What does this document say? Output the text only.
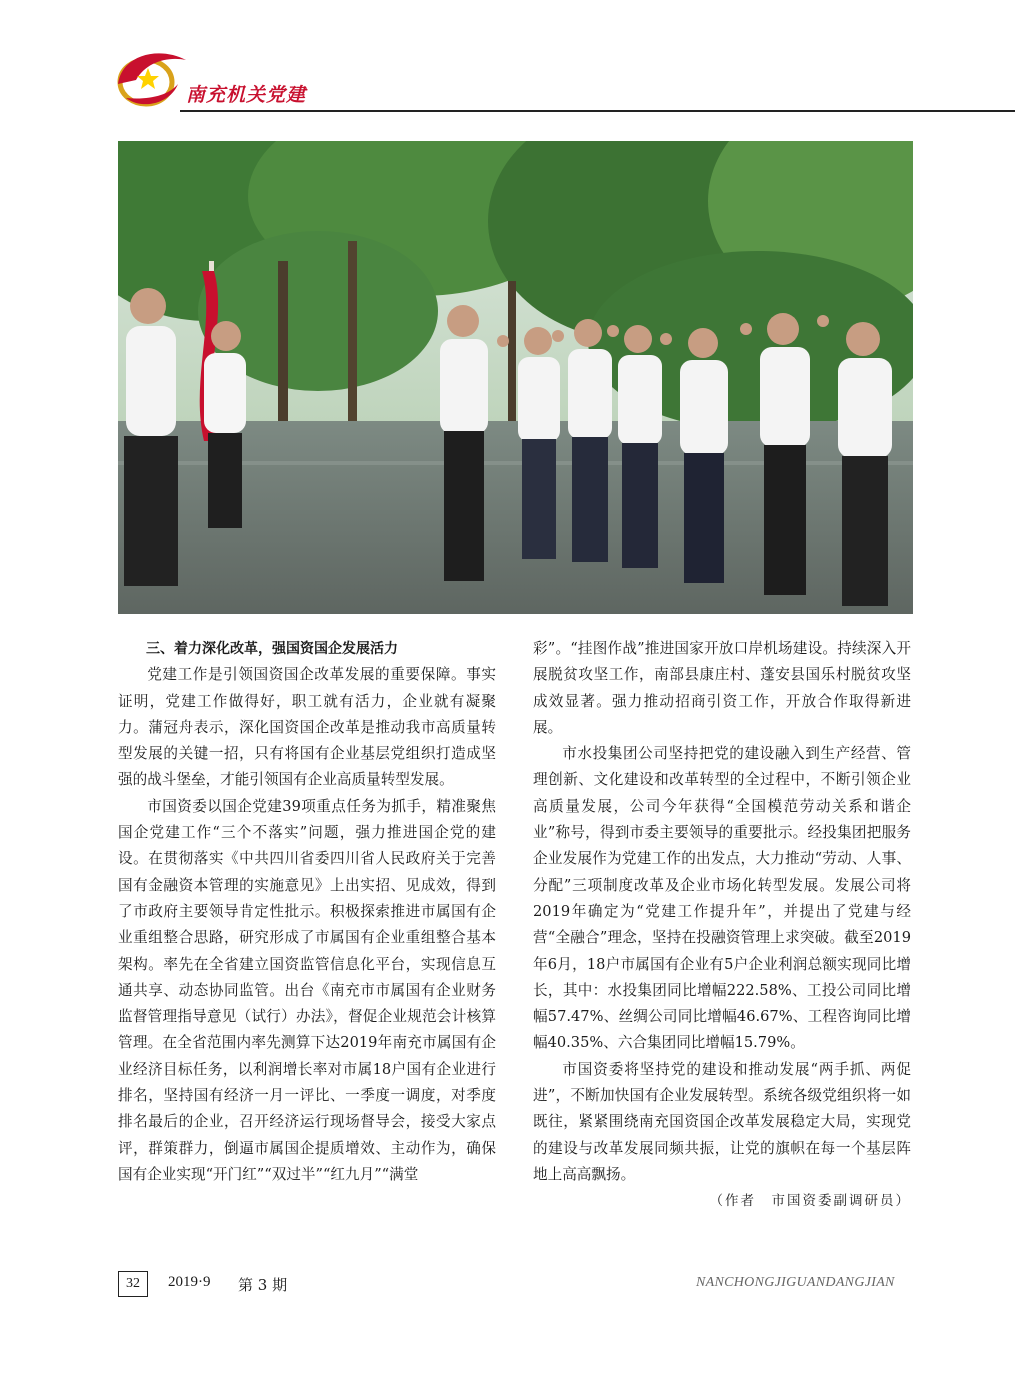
南充机关党建

三、着力深化改革，强国资国企发展活力

党建工作是引领国资国企改革发展的重要保障。事实证明，党建工作做得好，职工就有活力，企业就有凝聚力。蒲冠舟表示，深化国资国企改革是推动我市高质量转型发展的关键一招，只有将国有企业基层党组织打造成坚强的战斗堡垒，才能引领国有企业高质量转型发展。

市国资委以国企党建39项重点任务为抓手，精准聚焦国企党建工作“三个不落实”问题，强力推进国企党的建设。在贯彻落实《中共四川省委四川省人民政府关于完善国有金融资本管理的实施意见》上出实招、见成效，得到了市政府主要领导肯定性批示。积极探索推进市属国有企业重组整合思路，研究形成了市属国有企业重组整合基本架构。率先在全省建立国资监管信息化平台，实现信息互通共享、动态协同监管。出台《南充市市属国有企业财务监督管理指导意见（试行）办法》，督促企业规范会计核算管理。在全省范围内率先测算下达2019年南充市属国有企业经济目标任务，以利润增长率对市属18户国有企业进行排名，坚持国有经济一月一评比、一季度一调度，对季度排名最后的企业，召开经济运行现场督导会，接受大家点评，群策群力，倒逼市属国企提质增效、主动作为，确保国有企业实现“开门红”“双过半”“红九月”“满堂

彩”。“挂图作战”推进国家开放口岸机场建设。持续深入开展脱贫攻坚工作，南部县康庄村、蓬安县国乐村脱贫攻坚成效显著。强力推动招商引资工作，开放合作取得新进展。

市水投集团公司坚持把党的建设融入到生产经营、管理创新、文化建设和改革转型的全过程中，不断引领企业高质量发展，公司今年获得“全国模范劳动关系和谐企业”称号，得到市委主要领导的重要批示。经投集团把服务企业发展作为党建工作的出发点，大力推动“劳动、人事、分配”三项制度改革及企业市场化转型发展。发展公司将2019年确定为“党建工作提升年”，并提出了党建与经营“全融合”理念，坚持在投融资管理上求突破。截至2019年6月，18户市属国有企业有5户企业利润总额实现同比增长，其中：水投集团同比增幅222.58%、工投公司同比增幅57.47%、丝绸公司同比增幅46.67%、工程咨询同比增幅40.35%、六合集团同比增幅15.79%。

市国资委将坚持党的建设和推动发展“两手抓、两促进”，不断加快国有企业发展转型。系统各级党组织将一如既往，紧紧围绕南充国资国企改革发展稳定大局，实现党的建设与改革发展同频共振，让党的旗帜在每一个基层阵地上高高飘扬。

（作者　市国资委副调研员）
32	2019·9 第 3 期	NANCHONGJIGUANDANGJIAN
